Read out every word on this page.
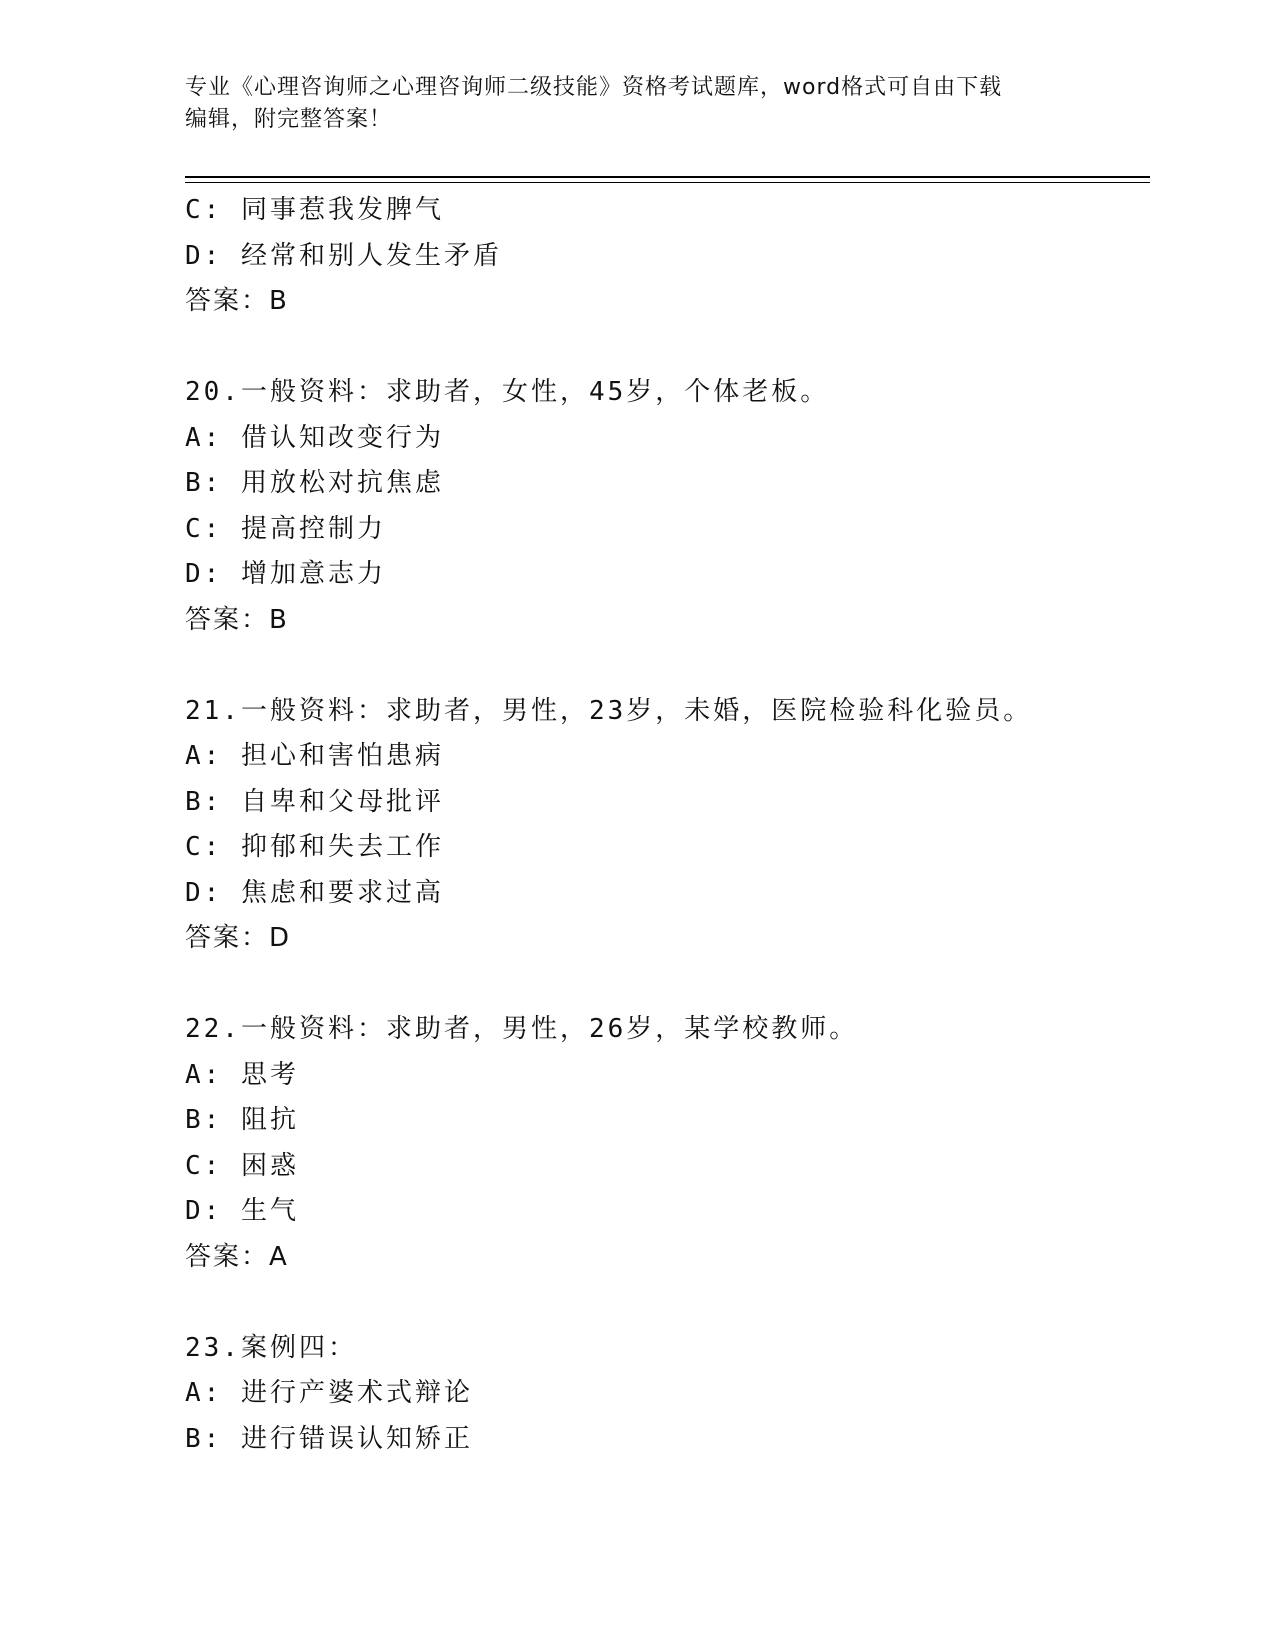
专业《心理咨询师之心理咨询师二级技能》资格考试题库，word格式可自由下载
编辑，附完整答案！
C: 同事惹我发脾气
D: 经常和别人发生矛盾
答案：B
20.一般资料：求助者，女性，45岁，个体老板。
A: 借认知改变行为
B: 用放松对抗焦虑
C: 提高控制力
D: 增加意志力
答案：B
21.一般资料：求助者，男性，23岁，未婚，医院检验科化验员。
A: 担心和害怕患病
B: 自卑和父母批评
C: 抑郁和失去工作
D: 焦虑和要求过高
答案：D
22.一般资料：求助者，男性，26岁，某学校教师。
A: 思考
B: 阻抗
C: 困惑
D: 生气
答案：A
23.案例四：
A: 进行产婆术式辩论
B: 进行错误认知矫正
